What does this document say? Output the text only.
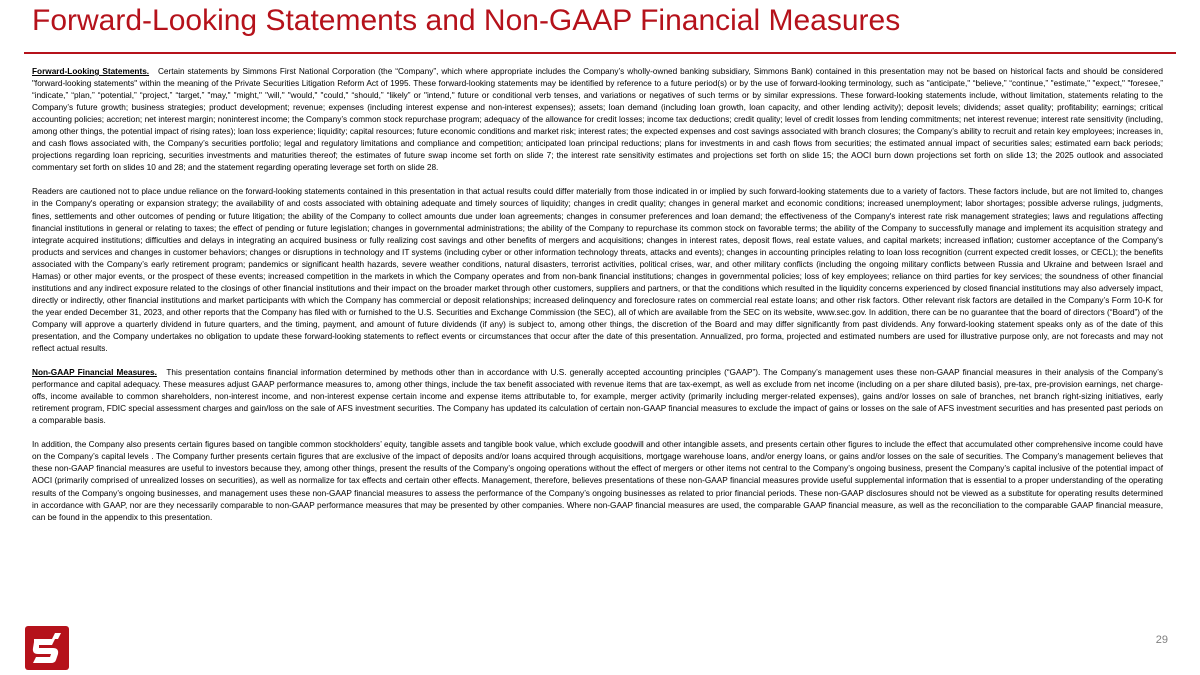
Forward-Looking Statements and Non-GAAP Financial Measures

Forward-Looking Statements. Certain statements by Simmons First National Corporation (the “Company”, which where appropriate includes the Company’s wholly-owned banking subsidiary, Simmons Bank) contained in this presentation may not be based on historical facts and should be considered "forward-looking statements" within the meaning of the Private Securities Litigation Reform Act of 1995. These forward-looking statements may be identified by reference to a future period(s) or by the use of forward-looking terminology, such as "anticipate," “believe,” “continue,” "estimate," "expect," "foresee,” “indicate,” “plan,” “potential,” “project,” “target,” "may," "might," "will," "would," "could," “should,” “likely” or "intend," future or conditional verb tenses, and variations or negatives of such terms or by similar expressions. These forward-looking statements include, without limitation, statements relating to the Company’s future growth; business strategies; product development; revenue; expenses (including interest expense and non-interest expenses); assets; loan demand (including loan growth, loan capacity, and other lending activity); deposit levels; dividends; asset quality; profitability; earnings; critical accounting policies; accretion; net interest margin; noninterest income; the Company’s common stock repurchase program; adequacy of the allowance for credit losses; income tax deductions; credit quality; level of credit losses from lending commitments; net interest revenue; interest rate sensitivity (including, among other things, the potential impact of rising rates); loan loss experience; liquidity; capital resources; future economic conditions and market risk; interest rates; the expected expenses and cost savings associated with branch closures; the Company’s ability to recruit and retain key employees; increases in, and cash flows associated with, the Company’s securities portfolio; legal and regulatory limitations and compliance and competition; anticipated loan principal reductions; plans for investments in and cash flows from securities; the estimated annual impact of securities sales; estimated earn back periods; projections regarding loan repricing, securities investments and maturities thereof; the estimates of future swap income set forth on slide 7; the interest rate sensitivity estimates and projections set forth on slide 15; the AOCI burn down projections set forth on slide 13; the 2025 outlook and associated commentary set forth on slides 10 and 28; and the statement regarding operating leverage set forth on slide 28.

Readers are cautioned not to place undue reliance on the forward-looking statements contained in this presentation in that actual results could differ materially from those indicated in or implied by such forward-looking statements due to a variety of factors. These factors include, but are not limited to, changes in the Company's operating or expansion strategy; the availability of and costs associated with obtaining adequate and timely sources of liquidity; changes in credit quality; changes in general market and economic conditions; increased unemployment; labor shortages; possible adverse rulings, judgments, fines, settlements and other outcomes of pending or future litigation; the ability of the Company to collect amounts due under loan agreements; changes in consumer preferences and loan demand; the effectiveness of the Company's interest rate risk management strategies; laws and regulations affecting financial institutions in general or relating to taxes; the effect of pending or future legislation; changes in governmental administrations; the ability of the Company to repurchase its common stock on favorable terms; the ability of the Company to successfully manage and implement its acquisition strategy and integrate acquired institutions; difficulties and delays in integrating an acquired business or fully realizing cost savings and other benefits of mergers and acquisitions; changes in interest rates, deposit flows, real estate values, and capital markets; increased inflation; customer acceptance of the Company's products and services and changes in customer behaviors; changes or disruptions in technology and IT systems (including cyber or other information technology threats, attacks and events); changes in accounting principles relating to loan loss recognition (current expected credit losses, or CECL); the benefits associated with the Company’s early retirement program; pandemics or significant health hazards, severe weather conditions, natural disasters, terrorist activities, political crises, war, and other military conflicts (including the ongoing military conflicts between Russia and Ukraine and between Israel and Hamas) or other major events, or the prospect of these events; increased competition in the markets in which the Company operates and from non-bank financial institutions; changes in governmental policies; loss of key employees; reliance on third parties for key services; the soundness of other financial institutions and any indirect exposure related to the closings of other financial institutions and their impact on the broader market through other customers, suppliers and partners, or that the conditions which resulted in the liquidity concerns experienced by closed financial institutions may also adversely impact, directly or indirectly, other financial institutions and market participants with which the Company has commercial or deposit relationships; increased delinquency and foreclosure rates on commercial real estate loans; and other risk factors. Other relevant risk factors are detailed in the Company’s Form 10-K for the year ended December 31, 2023, and other reports that the Company has filed with or furnished to the U.S. Securities and Exchange Commission (the SEC), all of which are available from the SEC on its website, www.sec.gov. In addition, there can be no guarantee that the board of directors (“Board”) of the Company will approve a quarterly dividend in future quarters, and the timing, payment, and amount of future dividends (if any) is subject to, among other things, the discretion of the Board and may differ significantly from past dividends. Any forward-looking statement speaks only as of the date of this presentation, and the Company undertakes no obligation to update these forward-looking statements to reflect events or circumstances that occur after the date of this presentation. Annualized, pro forma, projected and estimated numbers are used for illustrative purpose only, are not forecasts and may not reflect actual results.

Non-GAAP Financial Measures. This presentation contains financial information determined by methods other than in accordance with U.S. generally accepted accounting principles (“GAAP”). The Company’s management uses these non-GAAP financial measures in their analysis of the Company’s performance and capital adequacy. These measures adjust GAAP performance measures to, among other things, include the tax benefit associated with revenue items that are tax-exempt, as well as exclude from net income (including on a per share diluted basis), pre-tax, pre-provision earnings, net charge-offs, income available to common shareholders, non-interest income, and non-interest expense certain income and expense items attributable to, for example, merger activity (primarily including merger-related expenses), gains and/or losses on sale of branches, net branch right-sizing initiatives, early retirement program, FDIC special assessment charges and gain/loss on the sale of AFS investment securities. The Company has updated its calculation of certain non-GAAP financial measures to exclude the impact of gains or losses on the sale of AFS investment securities and has presented past periods on a comparable basis.

In addition, the Company also presents certain figures based on tangible common stockholders’ equity, tangible assets and tangible book value, which exclude goodwill and other intangible assets, and presents certain other figures to include the effect that accumulated other comprehensive income could have on the Company’s capital levels . The Company further presents certain figures that are exclusive of the impact of deposits and/or loans acquired through acquisitions, mortgage warehouse loans, and/or energy loans, or gains and/or losses on the sale of securities. The Company’s management believes that these non-GAAP financial measures are useful to investors because they, among other things, present the results of the Company’s ongoing operations without the effect of mergers or other items not central to the Company’s ongoing business, present the Company’s capital inclusive of the potential impact of AOCI (primarily comprised of unrealized losses on securities), as well as normalize for tax effects and certain other effects. Management, therefore, believes presentations of these non-GAAP financial measures provide useful supplemental information that is essential to a proper understanding of the operating results of the Company’s ongoing businesses, and management uses these non-GAAP financial measures to assess the performance of the Company’s ongoing businesses as related to prior financial periods. These non-GAAP disclosures should not be viewed as a substitute for operating results determined in accordance with GAAP, nor are they necessarily comparable to non-GAAP performance measures that may be presented by other companies. Where non-GAAP financial measures are used, the comparable GAAP financial measure, as well as the reconciliation to the comparable GAAP financial measure, can be found in the appendix to this presentation.

29
